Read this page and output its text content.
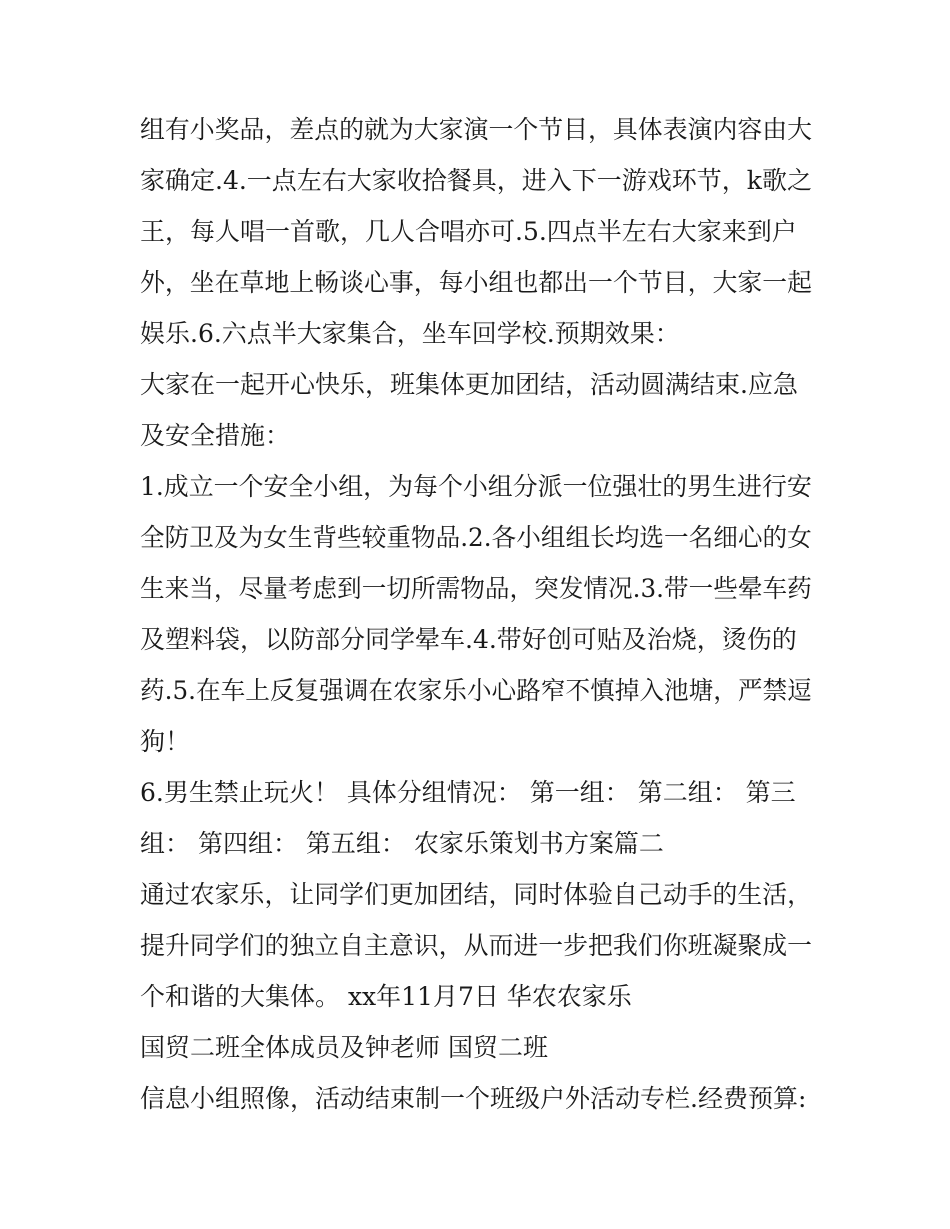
组有小奖品，差点的就为大家演一个节目，具体表演内容由大
家确定.4.一点左右大家收拾餐具，进入下一游戏环节，k歌之
王，每人唱一首歌，几人合唱亦可.5.四点半左右大家来到户
外，坐在草地上畅谈心事，每小组也都出一个节目，大家一起
娱乐.6.六点半大家集合，坐车回学校.预期效果：
大家在一起开心快乐，班集体更加团结，活动圆满结束.应急
及安全措施：
1.成立一个安全小组，为每个小组分派一位强壮的男生进行安
全防卫及为女生背些较重物品.2.各小组组长均选一名细心的女
生来当，尽量考虑到一切所需物品，突发情况.3.带一些晕车药
及塑料袋，以防部分同学晕车.4.带好创可贴及治烧，烫伤的
药.5.在车上反复强调在农家乐小心路窄不慎掉入池塘，严禁逗
狗！
6.男生禁止玩火！ 具体分组情况： 第一组： 第二组： 第三
组： 第四组： 第五组： 农家乐策划书方案篇二
通过农家乐，让同学们更加团结，同时体验自己动手的生活，
提升同学们的独立自主意识，从而进一步把我们你班凝聚成一
个和谐的大集体。 xx年11月7日 华农农家乐
国贸二班全体成员及钟老师 国贸二班
信息小组照像，活动结束制一个班级户外活动专栏.经费预算:
